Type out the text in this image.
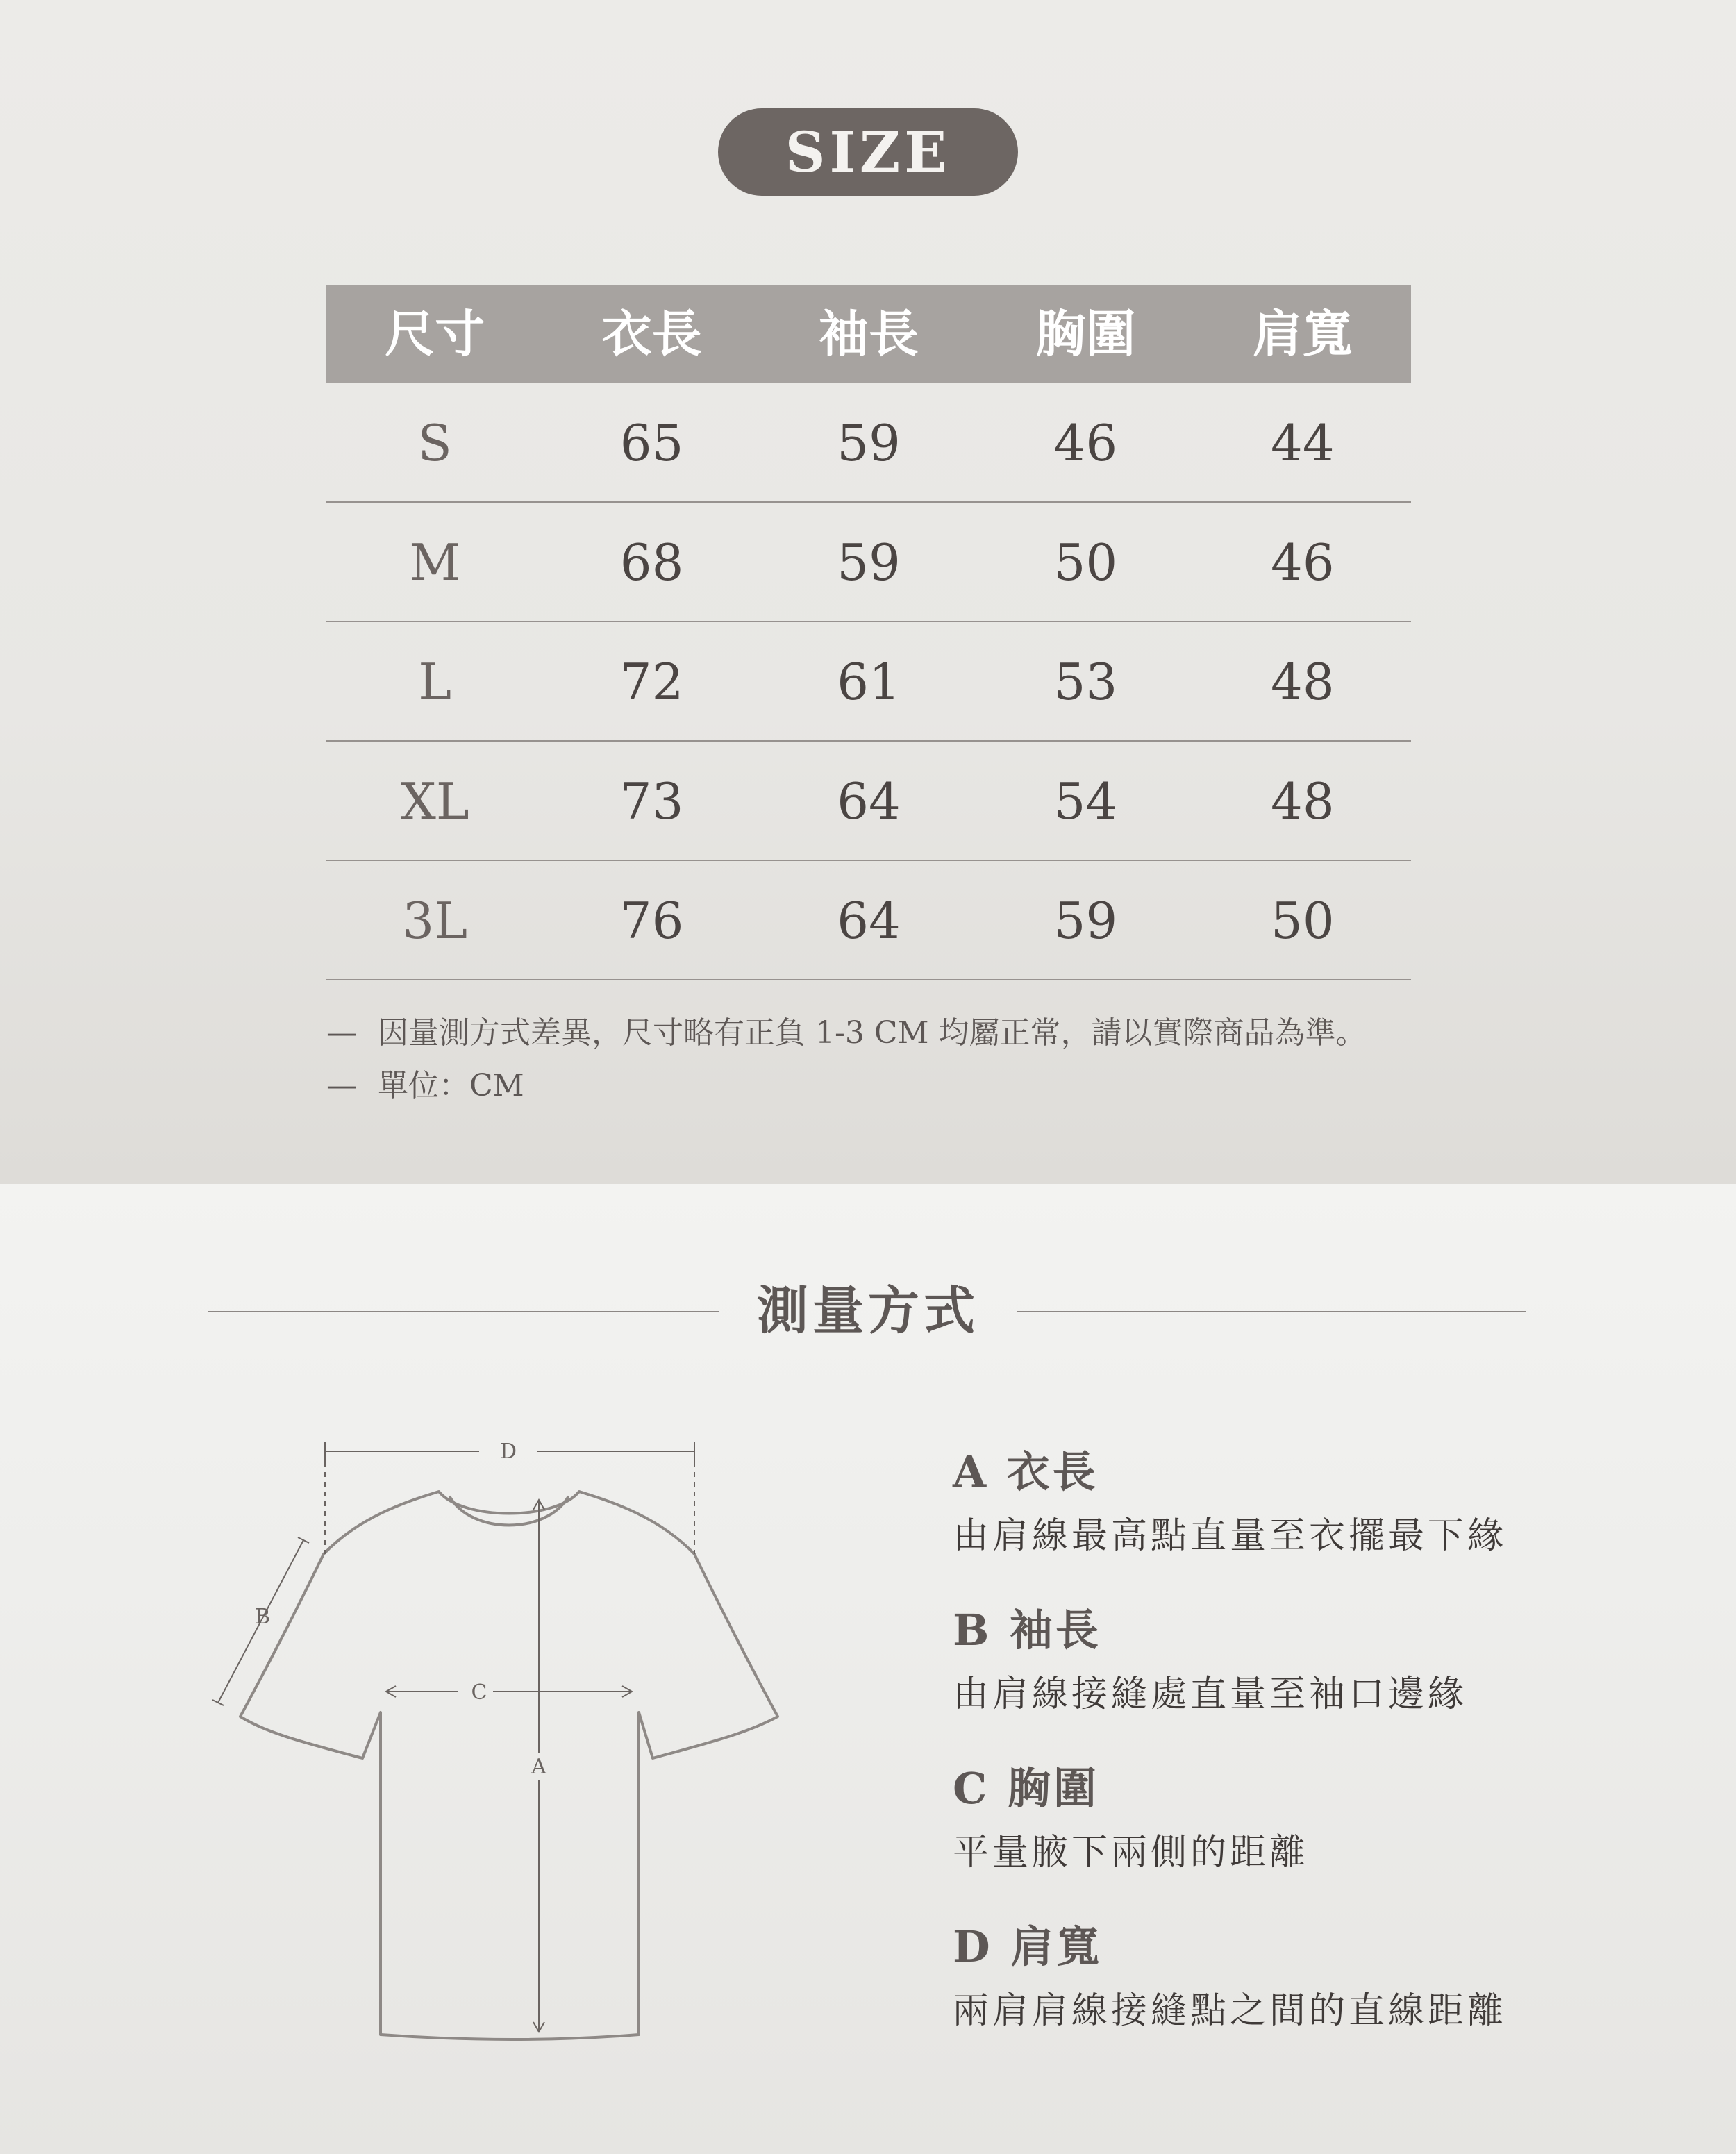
SIZE
尺寸	衣長	袖長	胸圍	肩寬
S	65	59	46	44
M	68	59	50	46
L	72	61	53	48
XL	73	64	54	48
3L	76	64	59	50
— 因量測方式差異，尺寸略有正負 1-3 CM 均屬正常，請以實際商品為準。
— 單位：CM
測量方式
D
B
C
A
A 衣長
由肩線最高點直量至衣擺最下緣
B 袖長
由肩線接縫處直量至袖口邊緣
C 胸圍
平量腋下兩側的距離
D 肩寬
兩肩肩線接縫點之間的直線距離
